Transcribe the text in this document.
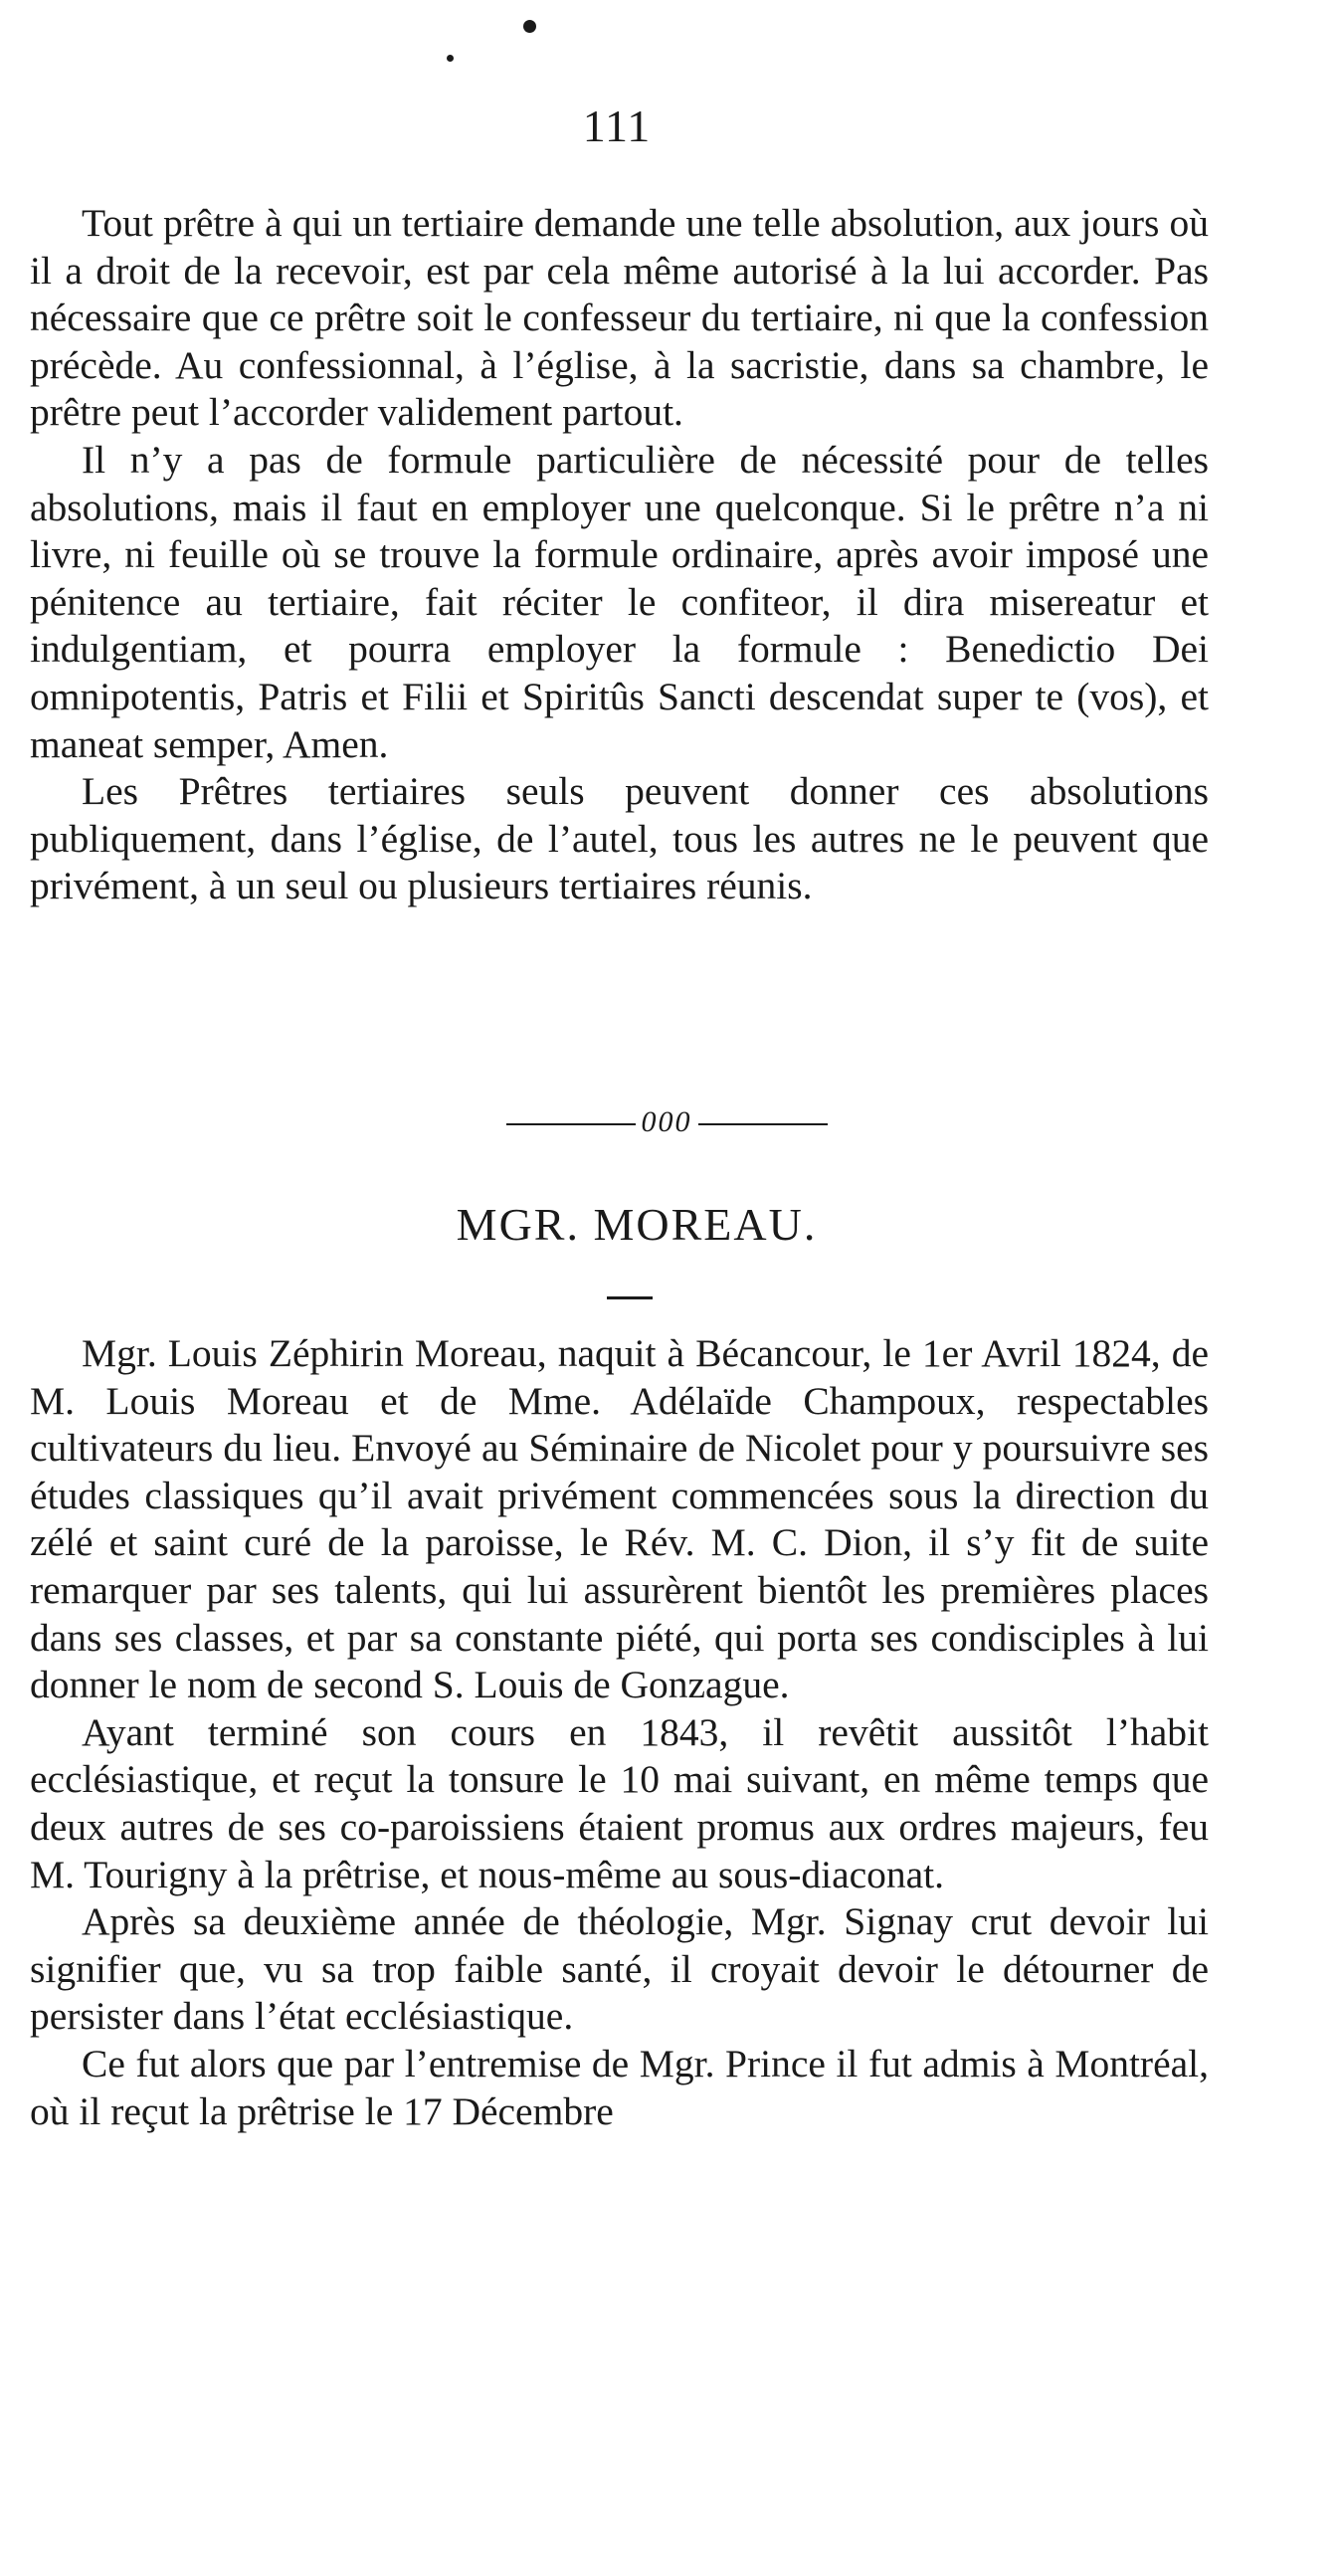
111

Tout prêtre à qui un tertiaire demande une telle absolution, aux jours où il a droit de la recevoir, est par cela même autorisé à la lui accorder. Pas nécessaire que ce prêtre soit le confesseur du tertiaire, ni que la confession précède. Au confessionnal, à l’église, à la sacristie, dans sa chambre, le prêtre peut l’accorder validement partout.

Il n’y a pas de formule particulière de nécessité pour de telles absolutions, mais il faut en employer une quelconque. Si le prêtre n’a ni livre, ni feuille où se trouve la formule ordinaire, après avoir imposé une pénitence au tertiaire, fait réciter le confiteor, il dira misereatur et indulgentiam, et pourra employer la formule : Benedictio Dei omnipotentis, Patris et Filii et Spiritûs Sancti descendat super te (vos), et maneat semper, Amen.

Les Prêtres tertiaires seuls peuvent donner ces absolutions publiquement, dans l’église, de l’autel, tous les autres ne le peuvent que privément, à un seul ou plusieurs tertiaires réunis.

000
MGR. MOREAU.

Mgr. Louis Zéphirin Moreau, naquit à Bécancour, le 1er Avril 1824, de M. Louis Moreau et de Mme. Adélaïde Champoux, respectables cultivateurs du lieu. Envoyé au Séminaire de Nicolet pour y poursuivre ses études classiques qu’il avait privément commencées sous la direction du zélé et saint curé de la paroisse, le Rév. M. C. Dion, il s’y fit de suite remarquer par ses talents, qui lui assurèrent bientôt les premières places dans ses classes, et par sa constante piété, qui porta ses condisciples à lui donner le nom de second S. Louis de Gonzague.

Ayant terminé son cours en 1843, il revêtit aussitôt l’habit ecclésiastique, et reçut la tonsure le 10 mai suivant, en même temps que deux autres de ses co-paroissiens étaient promus aux ordres majeurs, feu M. Tourigny à la prêtrise, et nous-même au sous-diaconat.

Après sa deuxième année de théologie, Mgr. Signay crut devoir lui signifier que, vu sa trop faible santé, il croyait devoir le détourner de persister dans l’état ecclésiastique.

Ce fut alors que par l’entremise de Mgr. Prince il fut admis à Montréal, où il reçut la prêtrise le 17 Décembre
